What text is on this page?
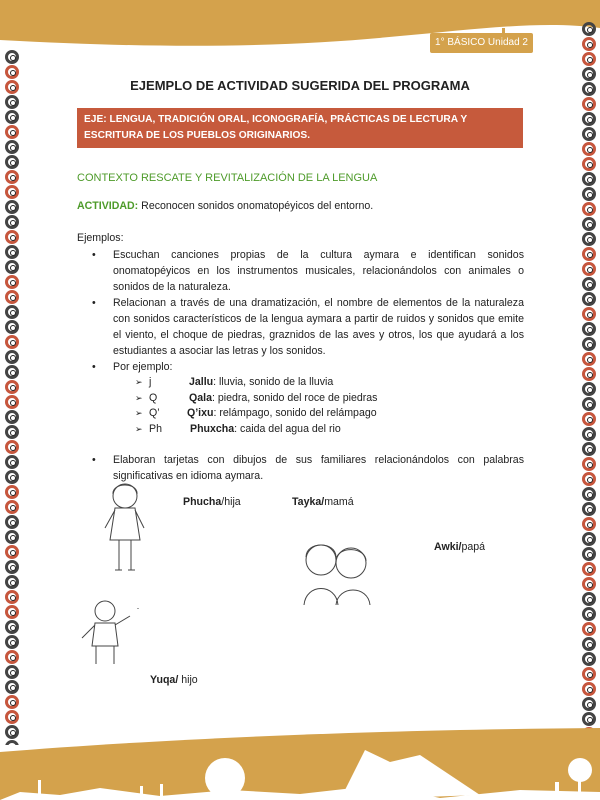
1° BÁSICO Unidad 2
EJEMPLO DE ACTIVIDAD SUGERIDA DEL PROGRAMA
EJE: LENGUA, TRADICIÓN ORAL, ICONOGRAFÍA, PRÁCTICAS DE LECTURA Y ESCRITURA DE LOS PUEBLOS ORIGINARIOS.
CONTEXTO RESCATE Y REVITALIZACIÓN DE LA LENGUA
ACTIVIDAD: Reconocen sonidos onomatopéyicos del entorno.
Ejemplos:
• Escuchan canciones propias de la cultura aymara e identifican sonidos onomatopéyicos en los instrumentos musicales, relacionándolos con animales o sonidos de la naturaleza.
• Relacionan a través de una dramatización, el nombre de elementos de la naturaleza con sonidos característicos de la lengua aymara a partir de ruidos y sonidos que emite el viento, el choque de piedras, graznidos de las aves y otros, los que ayudará a los estudiantes a asociar las letras y los sonidos.
• Por ejemplo:
➢ j	Jallu : lluvia, sonido de la lluvia
➢ Q	Qala : piedra, sonido del roce de piedras
➢ Q’	Q’ixu : relámpago, sonido del relámpago
➢ Ph	Phuxcha : caida del agua del rio
• Elaboran tarjetas con dibujos de sus familiares relacionándolos con palabras significativas en idioma aymara.
Phucha/hija	Tayka/mamá
Awki/papá
Yuqa/ hijo
